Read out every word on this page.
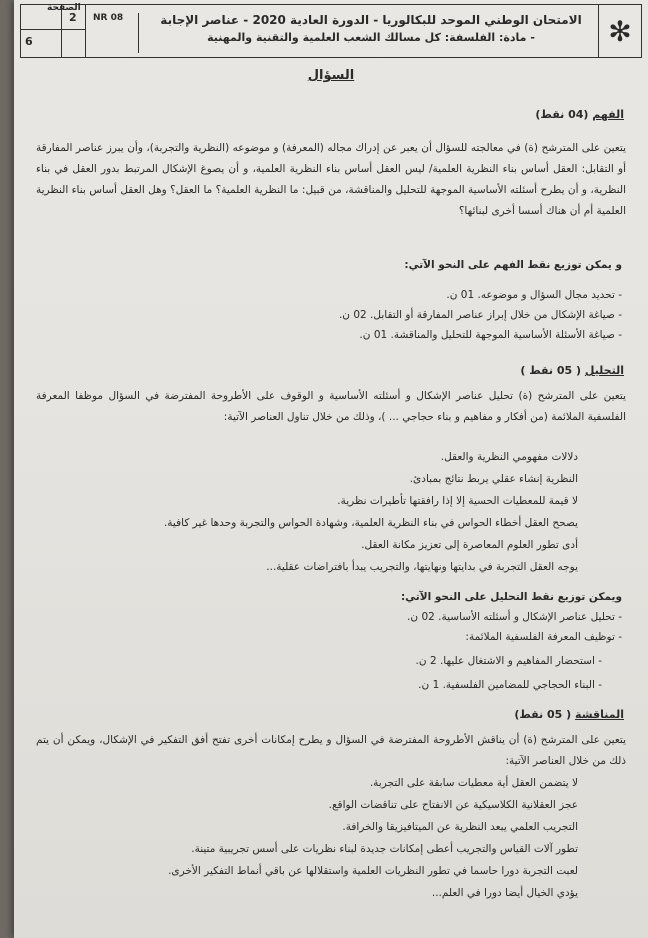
الصفحة
2
6
NR 08	الامتحان الوطني الموحد للبكالوريا - الدورة العادية 2020 - عناصر الإجابة
- مادة: الفلسفة: كل مسالك الشعب العلمية والتقنية والمهنية	✻
السؤال
الفهم (04 نقط)
يتعين على المترشح (ة) في معالجته للسؤال أن يعبر عن إدراك مجاله (المعرفة) و موضوعه (النظرية والتجربة)، وأن يبرز عناصر المفارقة أو التقابل: العقل أساس بناء النظرية العلمية/ ليس العقل أساس بناء النظرية العلمية، و أن يصوغ الإشكال المرتبط بدور العقل في بناء النظرية، و أن يطرح أسئلته الأساسية الموجهة للتحليل والمناقشة، من قبيل: ما النظرية العلمية؟ ما العقل؟ وهل العقل أساس بناء النظرية العلمية أم أن هناك أسسا أخرى لبنائها؟
و يمكن توزيع نقط الفهم على النحو الآتي:
- تحديد مجال السؤال و موضوعه. 01 ن.
- صياغة الإشكال من خلال إبراز عناصر المفارقة أو التقابل. 02 ن.
- صياغة الأسئلة الأساسية الموجهة للتحليل والمناقشة. 01 ن.
التحليل ( 05 نقط )
يتعين على المترشح (ة) تحليل عناصر الإشكال و أسئلته الأساسية و الوقوف على الأطروحة المفترضة في السؤال موظفا المعرفة الفلسفية الملائمة (من أفكار و مفاهيم و بناء حجاجي ... )، وذلك من خلال تناول العناصر الآتية:
دلالات مفهومي النظرية والعقل.
النظرية إنشاء عقلي يربط نتائج بمبادئ.
لا قيمة للمعطيات الحسية إلا إذا رافقتها تأطيرات نظرية.
يصحح العقل أخطاء الحواس في بناء النظرية العلمية، وشهادة الحواس والتجربة وحدها غير كافية.
أدى تطور العلوم المعاصرة إلى تعزيز مكانة العقل.
يوجه العقل التجربة في بدايتها ونهايتها، والتجريب يبدأ بافتراضات عقلية...
ويمكن توزيع نقط التحليل على النحو الآتي:
- تحليل عناصر الإشكال و أسئلته الأساسية. 02 ن.
- توظيف المعرفة الفلسفية الملائمة:
- استحضار المفاهيم و الاشتغال عليها. 2 ن.
- البناء الحجاجي للمضامين الفلسفية. 1 ن.
المناقشة ( 05 نقط)
يتعين على المترشح (ة) أن يناقش الأطروحة المفترضة في السؤال و يطرح إمكانات أخرى تفتح أفق التفكير في الإشكال، ويمكن أن يتم ذلك من خلال العناصر الآتية:
لا يتضمن العقل أية معطيات سابقة على التجربة.
عجز العقلانية الكلاسيكية عن الانفتاح على تناقضات الواقع.
التجريب العلمي يبعد النظرية عن الميتافيزيقا والخرافة.
تطور آلات القياس والتجريب أعطى إمكانات جديدة لبناء نظريات على أسس تجريبية متينة.
لعبت التجربة دورا حاسما في تطور النظريات العلمية واستقلالها عن باقي أنماط التفكير الأخرى.
يؤدي الخيال أيضا دورا في العلم...
